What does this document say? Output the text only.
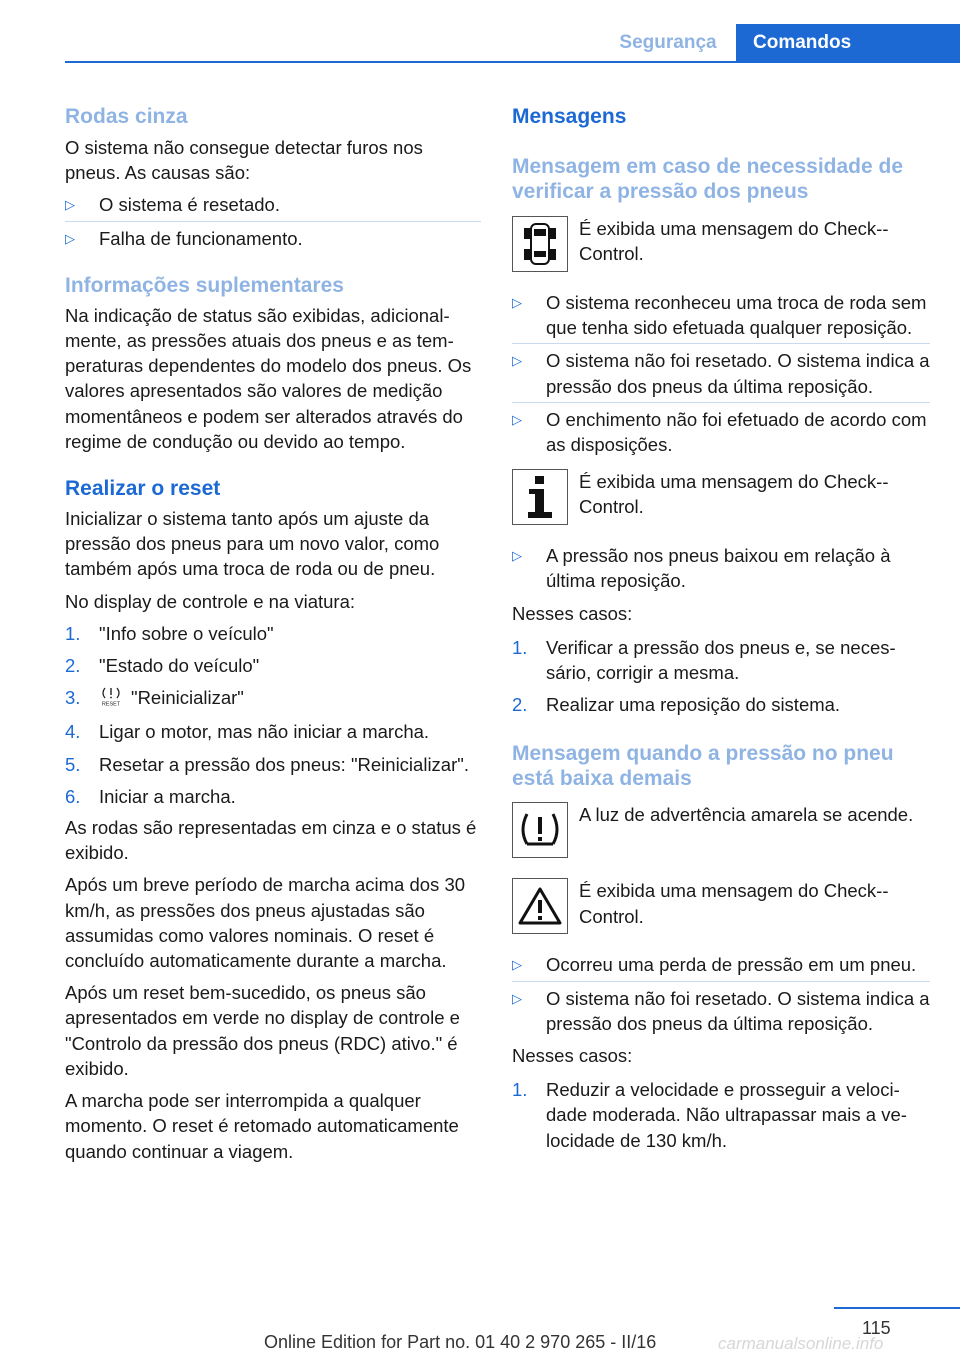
Segurança	Comandos
Rodas cinza

O sistema não consegue detectar furos nos pneus. As causas são:

▷ O sistema é resetado.
▷ Falha de funcionamento.
Informações suplementares

Na indicação de status são exibidas, adicionalmente, as pressões atuais dos pneus e as temperaturas dependentes do modelo dos pneus. Os valores apresentados são valores de medição momentâneos e podem ser alterados através do regime de condução ou devido ao tempo.

Realizar o reset

Inicializar o sistema tanto após um ajuste da pressão dos pneus para um novo valor, como também após uma troca de roda ou de pneu.

No display de controle e na viatura:

1. "Info sobre o veículo"
2. "Estado do veículo"
3.	RESET "Reinicializar"
4. Ligar o motor, mas não iniciar a marcha.
5. Resetar a pressão dos pneus: "Reinicializar".
6. Iniciar a marcha.

As rodas são representadas em cinza e o status é exibido.

Após um breve período de marcha acima dos 30 km/h, as pressões dos pneus ajustadas são assumidas como valores nominais. O reset é concluído automaticamente durante a marcha.

Após um reset bem-sucedido, os pneus são apresentados em verde no display de controle e "Controlo da pressão dos pneus (RDC) ativo." é exibido.

A marcha pode ser interrompida a qualquer momento. O reset é retomado automaticamente quando continuar a viagem.

Mensagens
Mensagem em caso de necessidade de verificar a pressão dos pneus

É exibida uma mensagem do Check-Control.

▷ O sistema reconheceu uma troca de roda sem que tenha sido efetuada qualquer reposição.
▷ O sistema não foi resetado. O sistema indica a pressão dos pneus da última reposição.
▷ O enchimento não foi efetuado de acordo com as disposições.

É exibida uma mensagem do Check-Control.

▷ A pressão nos pneus baixou em relação à última reposição.

Nesses casos:

1. Verificar a pressão dos pneus e, se necessário, corrigir a mesma.
2. Realizar uma reposição do sistema.
Mensagem quando a pressão no pneu está baixa demais

A luz de advertência amarela se acende.

É exibida uma mensagem do Check-Control.

▷ Ocorreu uma perda de pressão em um pneu.
▷ O sistema não foi resetado. O sistema indica a pressão dos pneus da última reposição.

Nesses casos:

1. Reduzir a velocidade e prosseguir a velocidade moderada. Não ultrapassar mais a velocidade de 130 km/h.
115
Online Edition for Part no. 01 40 2 970 265 - II/16	carmanualsonline.info
